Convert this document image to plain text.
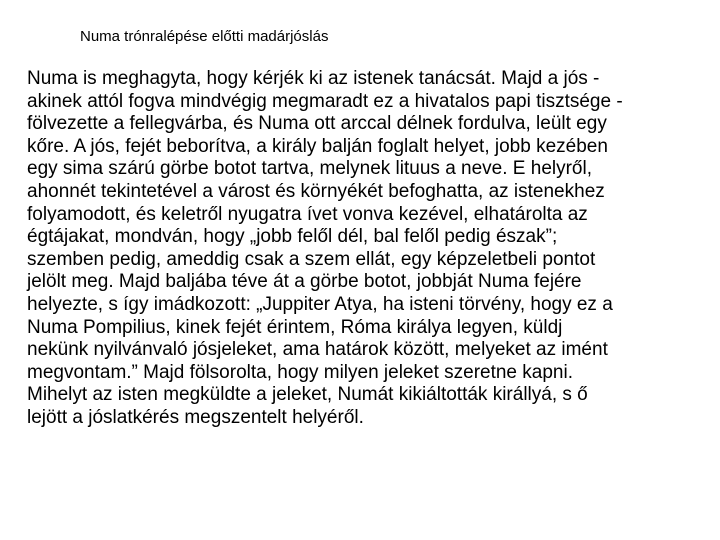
Numa trónralépése előtti madárjóslás

Numa is meghagyta, hogy kérjék ki az istenek tanácsát. Majd a jós -
akinek attól fogva mindvégig megmaradt ez a hivatalos papi tisztsége -
fölvezette a fellegvárba, és Numa ott arccal délnek fordulva, leült egy
kőre. A jós, fejét beborítva, a király balján foglalt helyet, jobb kezében
egy sima szárú görbe botot tartva, melynek lituus a neve. E helyről,
ahonnét tekintetével a várost és környékét befoghatta, az istenekhez
folyamodott, és keletről nyugatra ívet vonva kezével, elhatárolta az
égtájakat, mondván, hogy „jobb felől dél, bal felől pedig észak”;
szemben pedig, ameddig csak a szem ellát, egy képzeletbeli pontot
jelölt meg. Majd baljába téve át a görbe botot, jobbját Numa fejére
helyezte, s így imádkozott: „Juppiter Atya, ha isteni törvény, hogy ez a
Numa Pompilius, kinek fejét érintem, Róma királya legyen, küldj
nekünk nyilvánvaló jósjeleket, ama határok között, melyeket az imént
megvontam.” Majd fölsorolta, hogy milyen jeleket szeretne kapni.
Mihelyt az isten megküldte a jeleket, Numát kikiáltották királlyá, s ő
lejött a jóslatkérés megszentelt helyéről.
